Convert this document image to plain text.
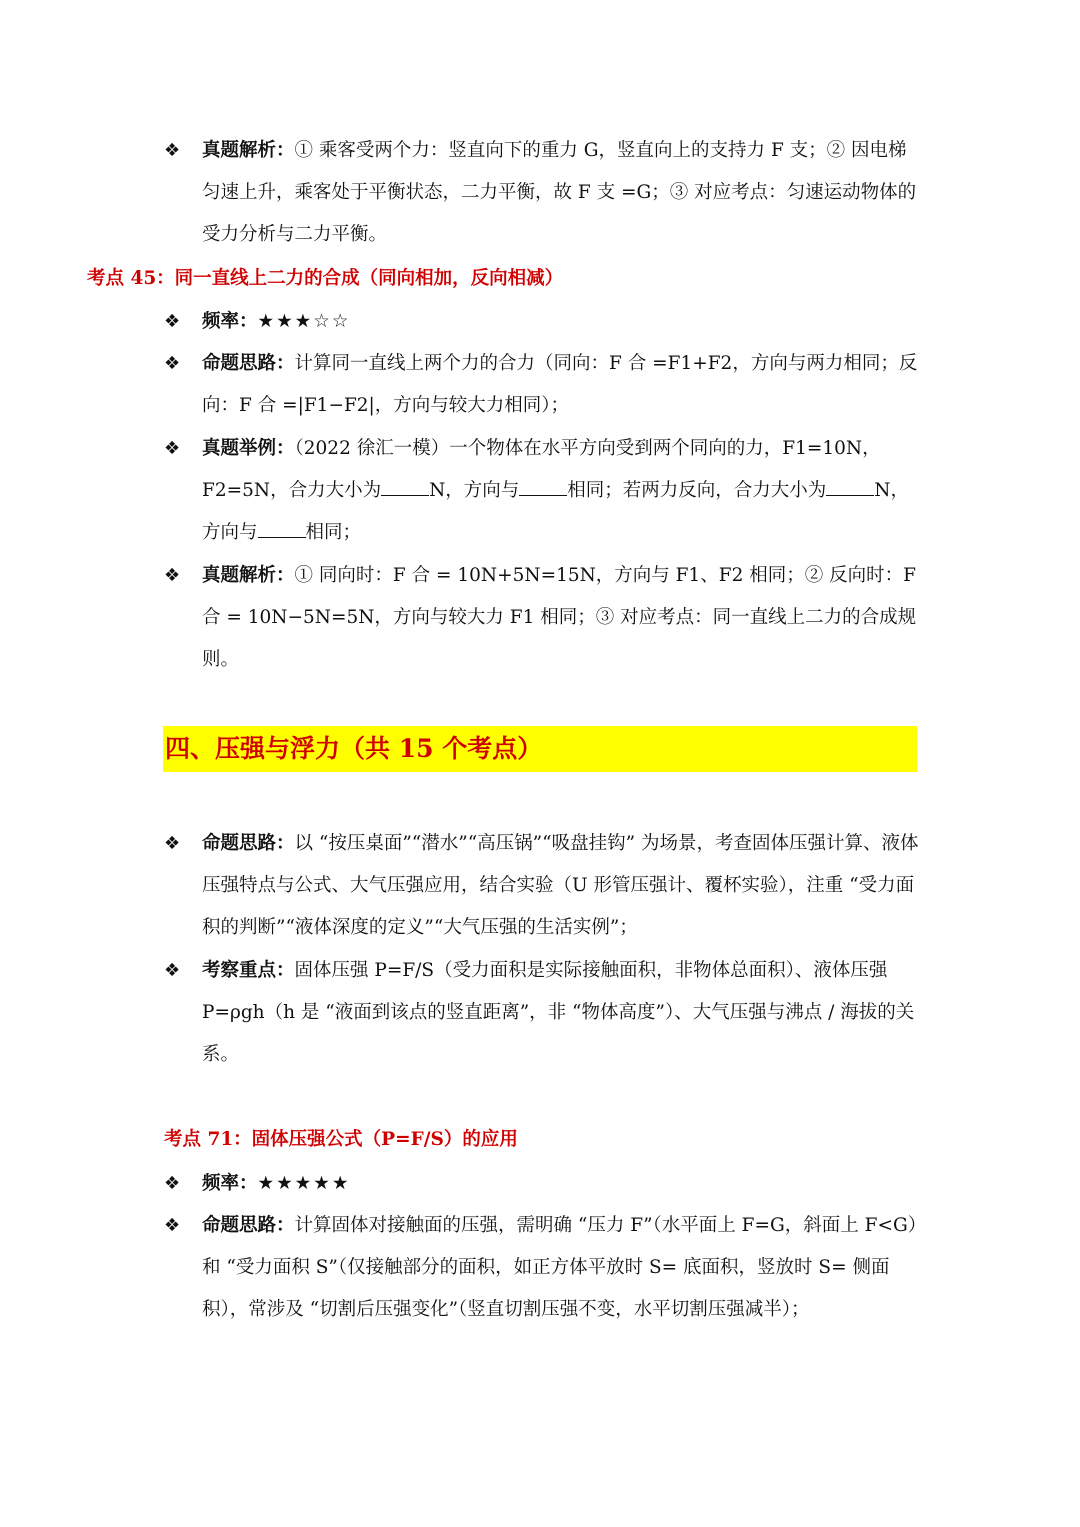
❖ 真题解析：① 乘客受两个力：竖直向下的重力 G，竖直向上的支持力 F 支；② 因电梯匀速上升，乘客处于平衡状态，二力平衡，故 F 支 =G；③ 对应考点：匀速运动物体的受力分析与二力平衡。
考点 45：同一直线上二力的合成（同向相加，反向相减）
❖ 频率：★★★☆☆
❖ 命题思路：计算同一直线上两个力的合力（同向：F 合 =F1+F2，方向与两力相同；反向：F 合 =|F1−F2|，方向与较大力相同）；
❖ 真题举例：（2022 徐汇一模）一个物体在水平方向受到两个同向的力，F1=10N，F2=5N，合力大小为	N，方向与	相同；若两力反向，合力大小为	N，方向与	相同；
❖ 真题解析：① 同向时：F 合 = 10N+5N=15N，方向与 F1、F2 相同；② 反向时：F 合 = 10N−5N=5N，方向与较大力 F1 相同；③ 对应考点：同一直线上二力的合成规则。
四、压强与浮力（共 15 个考点）
❖ 命题思路：以 “按压桌面”“潜水”“高压锅”“吸盘挂钩” 为场景，考查固体压强计算、液体压强特点与公式、大气压强应用，结合实验（U 形管压强计、覆杯实验），注重 “受力面积的判断”“液体深度的定义”“大气压强的生活实例”；
❖ 考察重点：固体压强 P=F/S（受力面积是实际接触面积，非物体总面积）、液体压强 P=ρgh（h 是 “液面到该点的竖直距离”，非 “物体高度”）、大气压强与沸点 / 海拔的关系。
考点 71：固体压强公式（P=F/S）的应用
❖ 频率：★★★★★
❖ 命题思路：计算固体对接触面的压强，需明确 “压力 F”（水平面上 F=G，斜面上 F<G）和 “受力面积 S”（仅接触部分的面积，如正方体平放时 S= 底面积，竖放时 S= 侧面积），常涉及 “切割后压强变化”（竖直切割压强不变，水平切割压强减半）；
